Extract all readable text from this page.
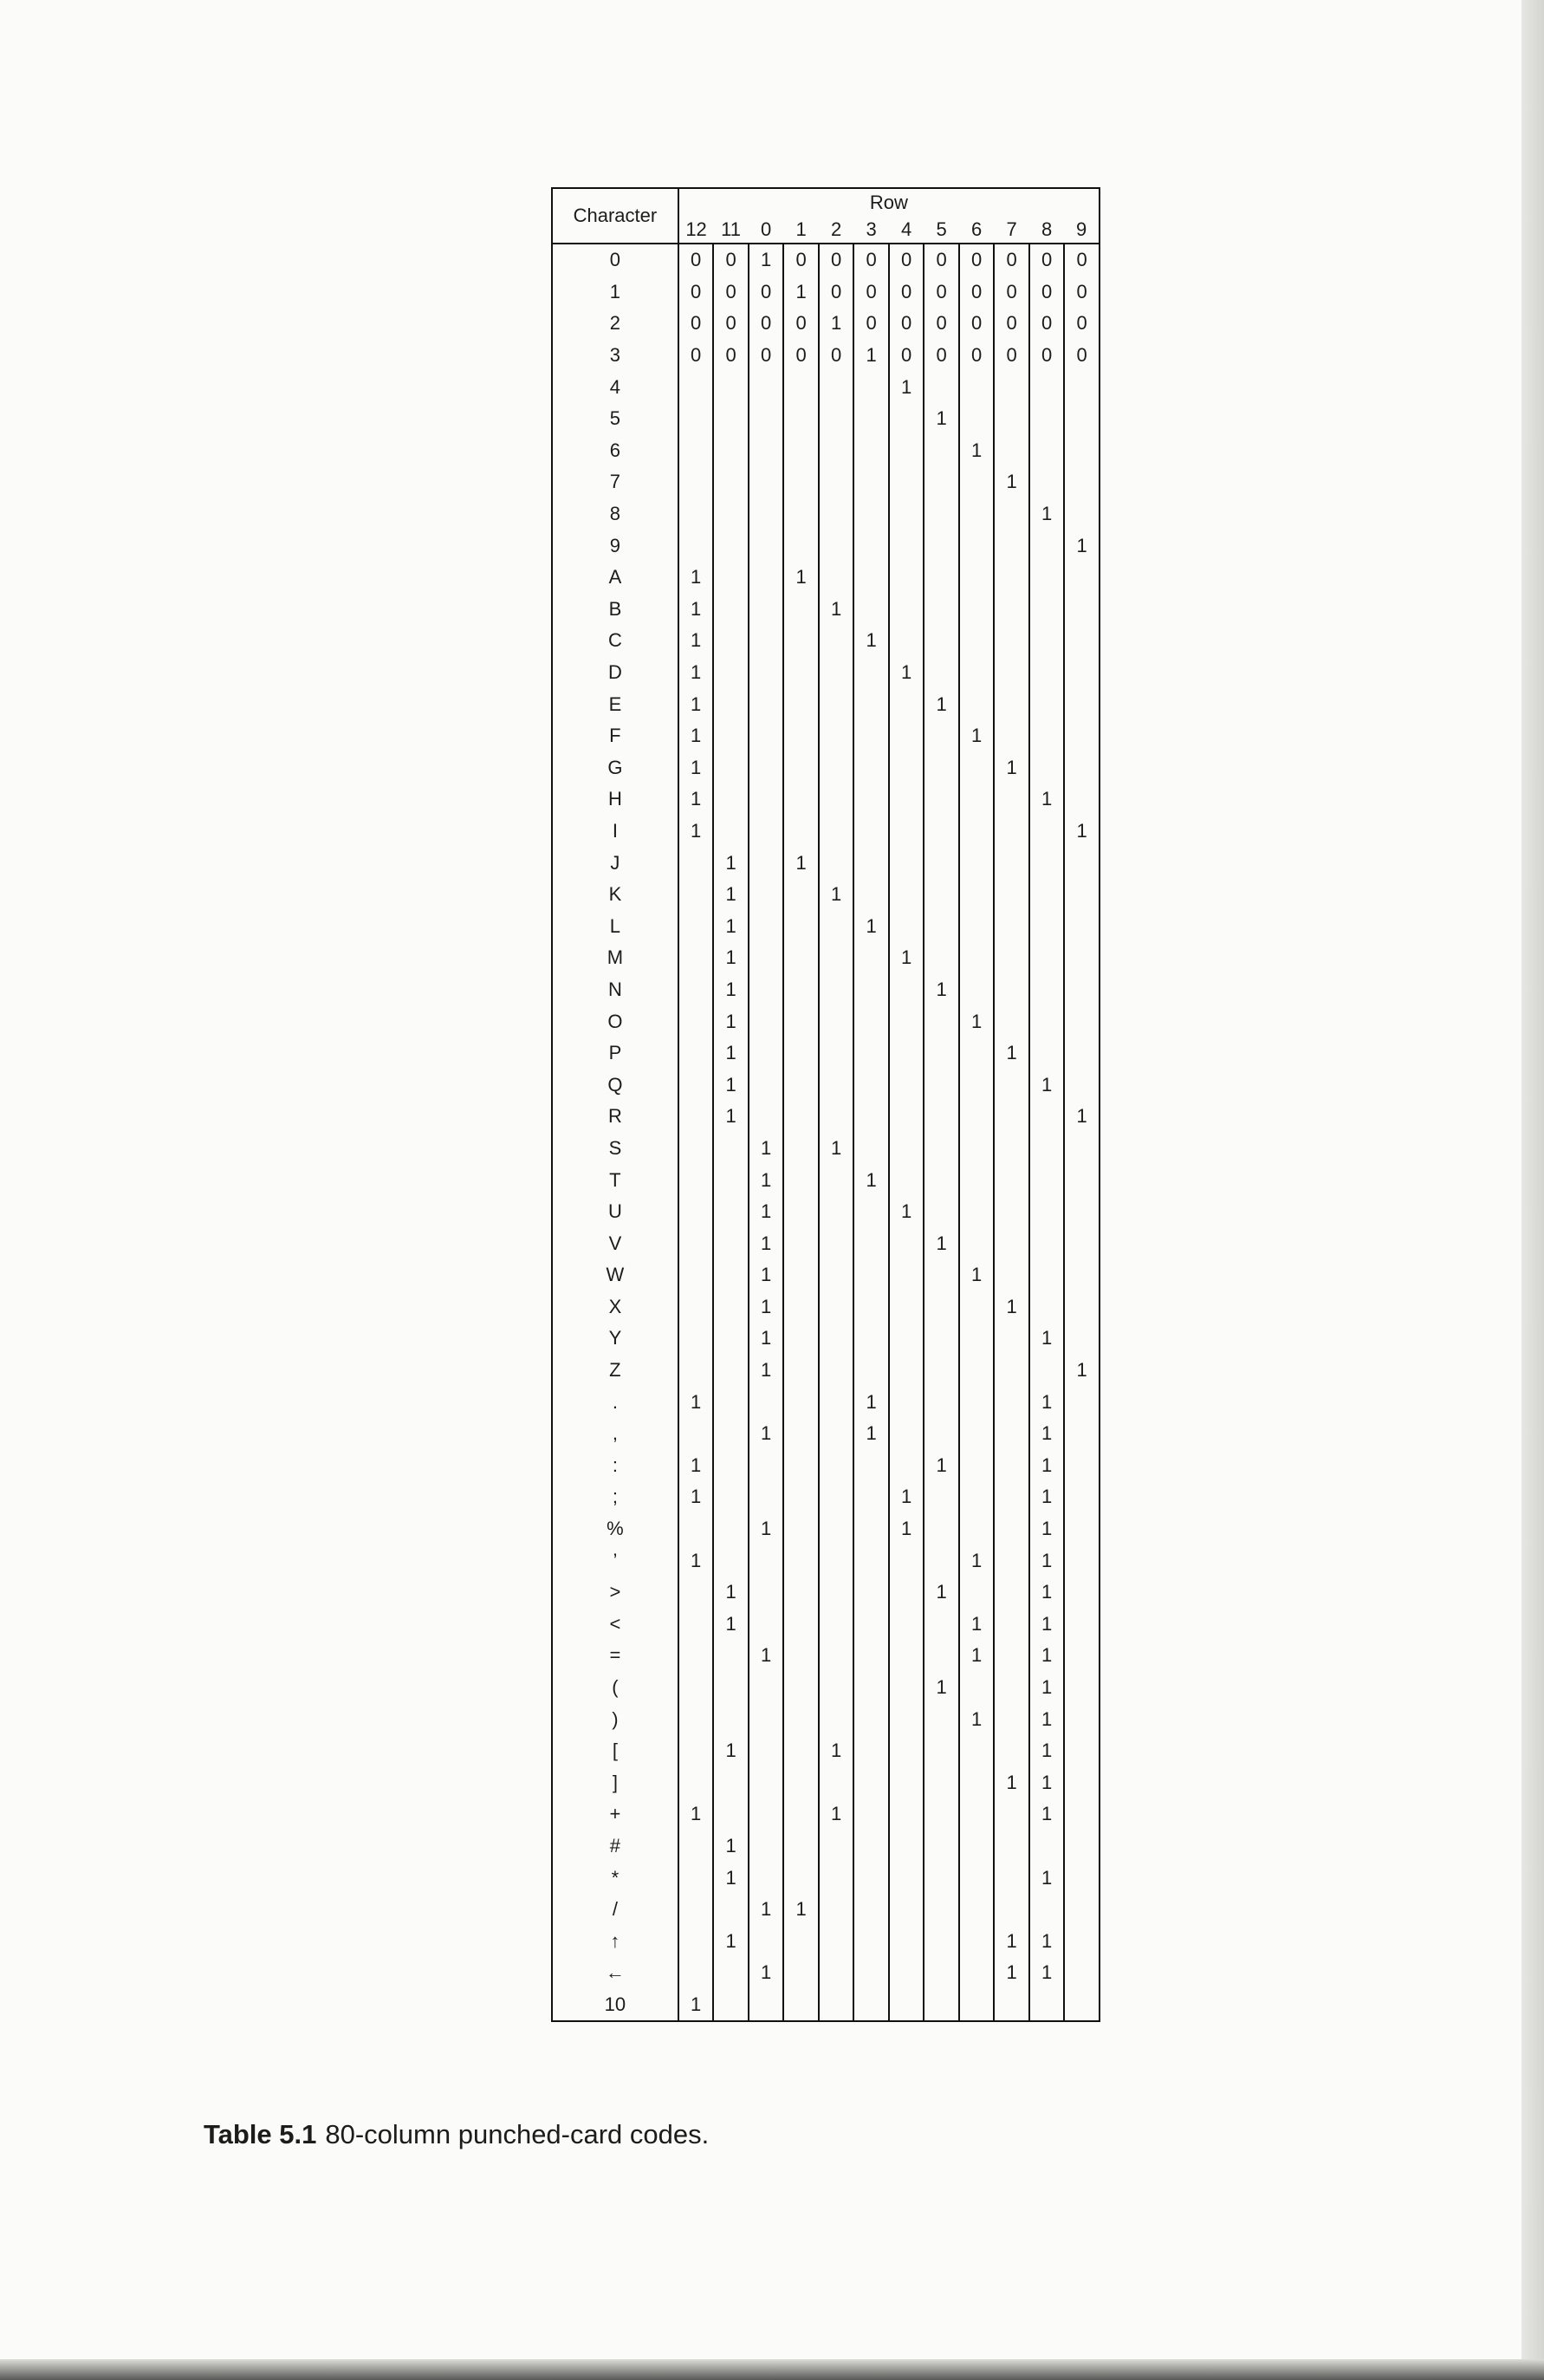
Character	Row											
	12	11	0	1	2	3	4	5	6	7	8	9
0	0	0	1	0	0	0	0	0	0	0	0	0
1	0	0	0	1	0	0	0	0	0	0	0	0
2	0	0	0	0	1	0	0	0	0	0	0	0
3	0	0	0	0	0	1	0	0	0	0	0	0
4							1					
5								1				
6									1			
7										1		
8											1	
9												1
A	1			1								
B	1				1							
C	1					1						
D	1						1					
E	1							1				
F	1								1			
G	1									1		
H	1										1	
I	1											1
J		1		1								
K		1			1							
L		1				1						
M		1					1					
N		1						1				
O		1							1			
P		1								1		
Q		1									1	
R		1										1
S			1		1							
T			1			1						
U			1				1					
V			1					1				
W			1						1			
X			1							1		
Y			1								1	
Z			1									1
.	1					1					1	
,			1			1					1	
:	1							1			1	
;	1						1				1	
%			1				1				1	
’	1								1		1	
>		1						1			1	
<		1							1		1	
=			1						1		1	
(								1			1	
)									1		1	
[		1			1						1	
]										1	1	
+	1				1						1	
#		1										
*		1									1	
/			1	1								
↑		1								1	1	
←			1							1	1	
10	1											
Table 5.1 80-column punched-card codes.
